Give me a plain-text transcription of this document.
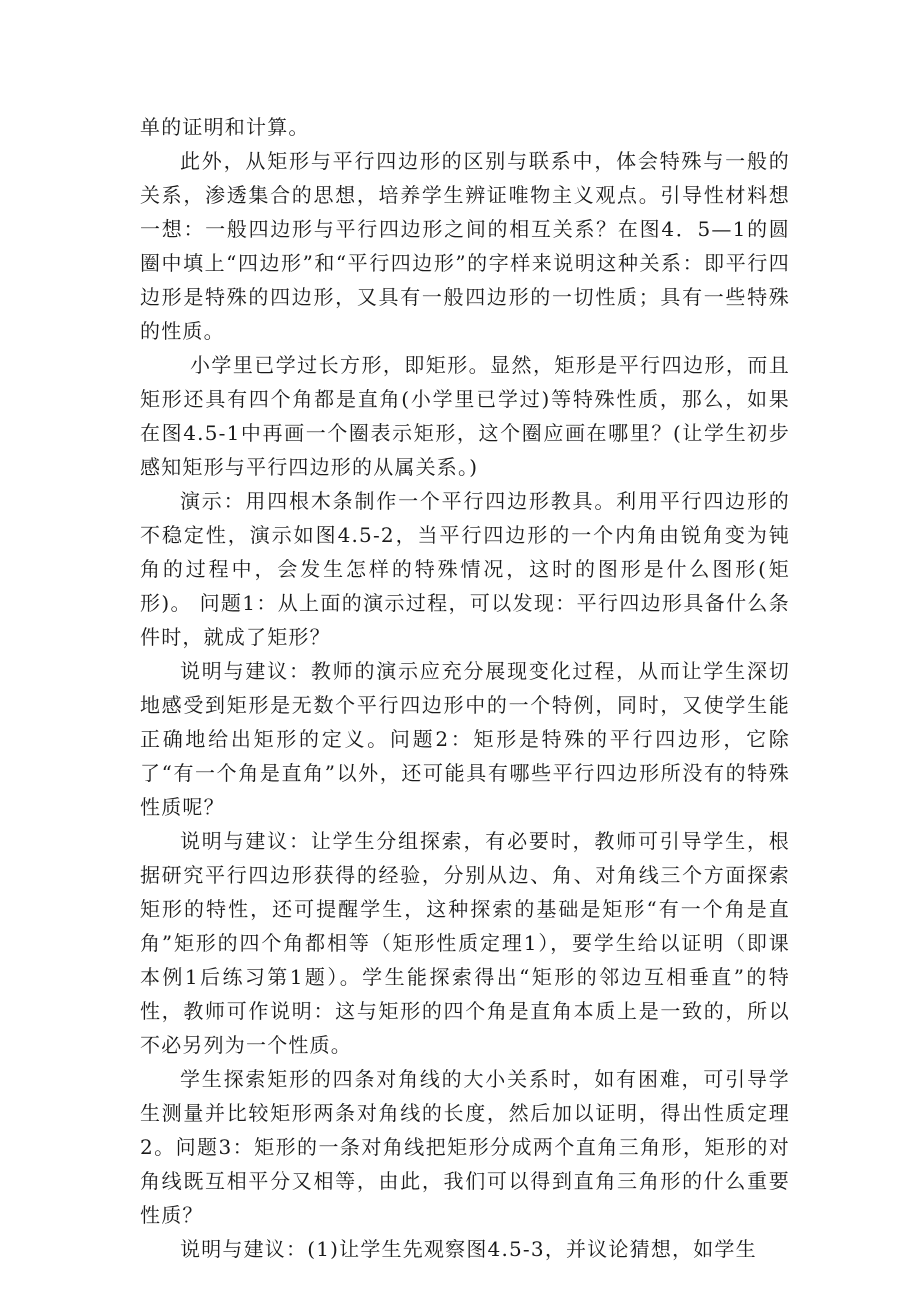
单的证明和计算。

此外，从矩形与平行四边形的区别与联系中，体会特殊与一般的关系，渗透集合的思想，培养学生辨证唯物主义观点。引导性材料想一想：一般四边形与平行四边形之间的相互关系？在图4．5—1的圆圈中填上“四边形”和“平行四边形”的字样来说明这种关系：即平行四边形是特殊的四边形，又具有一般四边形的一切性质；具有一些特殊的性质。

小学里已学过长方形，即矩形。显然，矩形是平行四边形，而且矩形还具有四个角都是直角(小学里已学过)等特殊性质，那么，如果在图4.5-1中再画一个圈表示矩形，这个圈应画在哪里？(让学生初步感知矩形与平行四边形的从属关系。)

演示：用四根木条制作一个平行四边形教具。利用平行四边形的不稳定性，演示如图4.5-2，当平行四边形的一个内角由锐角变为钝角的过程中，会发生怎样的特殊情况，这时的图形是什么图形(矩形)。 问题1：从上面的演示过程，可以发现：平行四边形具备什么条件时，就成了矩形？

说明与建议：教师的演示应充分展现变化过程，从而让学生深切地感受到矩形是无数个平行四边形中的一个特例，同时，又使学生能正确地给出矩形的定义。问题2：矩形是特殊的平行四边形，它除了“有一个角是直角”以外，还可能具有哪些平行四边形所没有的特殊性质呢？

说明与建议：让学生分组探索，有必要时，教师可引导学生，根据研究平行四边形获得的经验，分别从边、角、对角线三个方面探索矩形的特性，还可提醒学生，这种探索的基础是矩形“有一个角是直角”矩形的四个角都相等（矩形性质定理1），要学生给以证明（即课本例1后练习第1题）。学生能探索得出“矩形的邻边互相垂直”的特性，教师可作说明：这与矩形的四个角是直角本质上是一致的，所以不必另列为一个性质。

学生探索矩形的四条对角线的大小关系时，如有困难，可引导学生测量并比较矩形两条对角线的长度，然后加以证明，得出性质定理2。问题3：矩形的一条对角线把矩形分成两个直角三角形，矩形的对角线既互相平分又相等，由此，我们可以得到直角三角形的什么重要性质？

说明与建议：(1)让学生先观察图4.5-3，并议论猜想，如学生
